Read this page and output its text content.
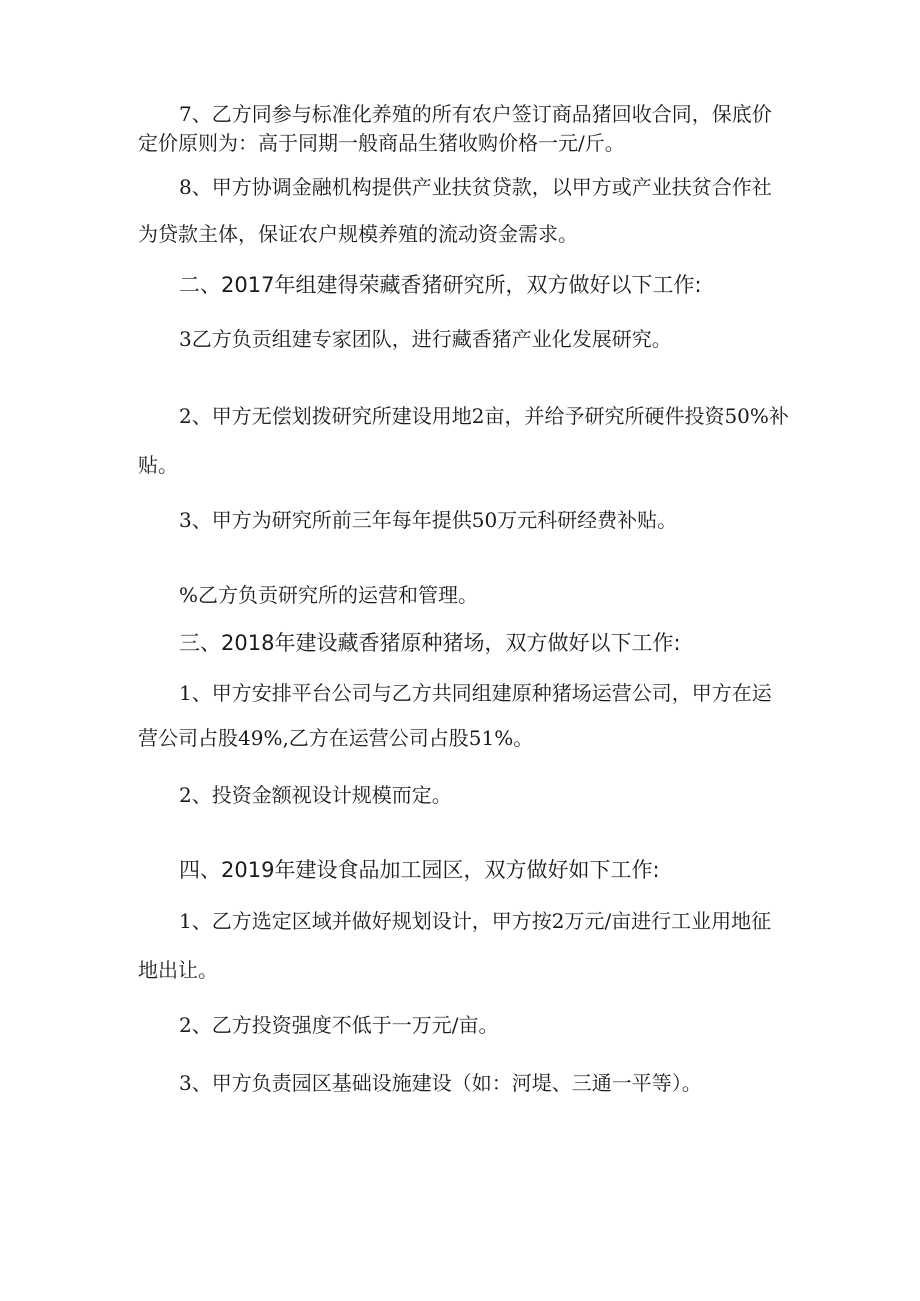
7、乙方同参与标准化养殖的所有农户签订商品猪回收合同，保底价
定价原则为：高于同期一般商品生猪收购价格一元/斤。
8、甲方协调金融机构提供产业扶贫贷款，以甲方或产业扶贫合作社
为贷款主体，保证农户规模养殖的流动资金需求。
二、2017年组建得荣藏香猪研究所，双方做好以下工作:
3乙方负贡组建专家团队，进行藏香猪产业化发展研究。
2、甲方无偿划拨研究所建设用地2亩，并给予研究所硬件投资50%补
贴。
3、甲方为研究所前三年每年提供50万元科研经费补贴。
%乙方负贡研究所的运营和管理。
三、2018年建设藏香猪原种猪场，双方做好以下工作:
1、甲方安排平台公司与乙方共同组建原种猪场运营公司，甲方在运
营公司占股49%,乙方在运营公司占股51%。
2、投资金额视设计规模而定。
四、2019年建设食品加工园区，双方做好如下工作:
1、乙方选定区域并做好规划设计，甲方按2万元/亩进行工业用地征
地出让。
2、乙方投资强度不低于一万元/亩。
3、甲方负责园区基础设施建设（如：河堤、三通一平等）。
